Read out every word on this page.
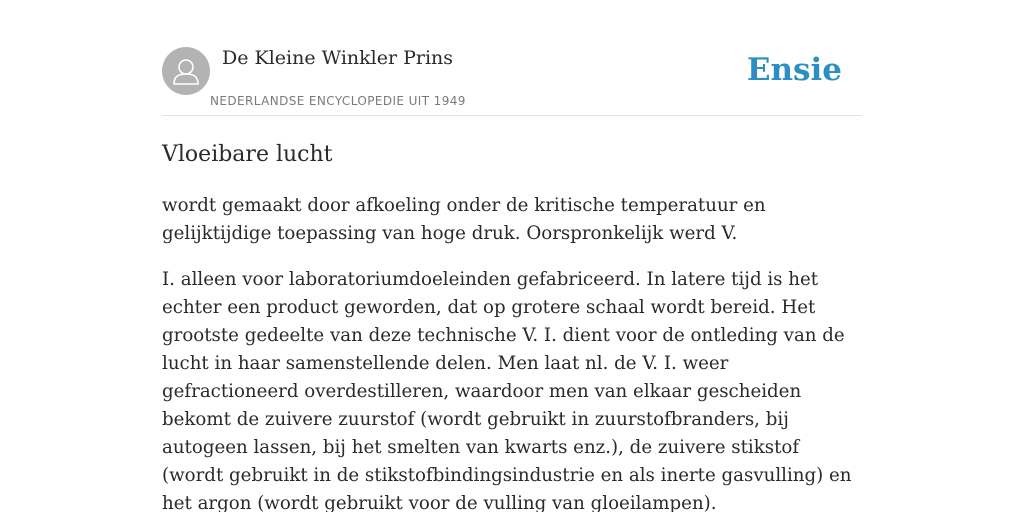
De Kleine Winkler Prins
NEDERLANDSE ENCYCLOPEDIE UIT 1949
Ensie
Vloeibare lucht

wordt gemaakt door afkoeling onder de kritische temperatuur en gelijktijdige toepassing van hoge druk. Oorspronkelijk werd V.

I. alleen voor laboratoriumdoeleinden gefabriceerd. In latere tijd is het echter een product geworden, dat op grotere schaal wordt bereid. Het grootste gedeelte van deze technische V. I. dient voor de ontleding van de lucht in haar samenstellende delen. Men laat nl. de V. I. weer gefractioneerd overdestilleren, waardoor men van elkaar gescheiden bekomt de zuivere zuurstof (wordt gebruikt in zuurstofbranders, bij autogeen lassen, bij het smelten van kwarts enz.), de zuivere stikstof (wordt gebruikt in de stikstofbindingsindustrie en als inerte gasvulling) en het argon (wordt gebruikt voor de vulling van gloeilampen).
